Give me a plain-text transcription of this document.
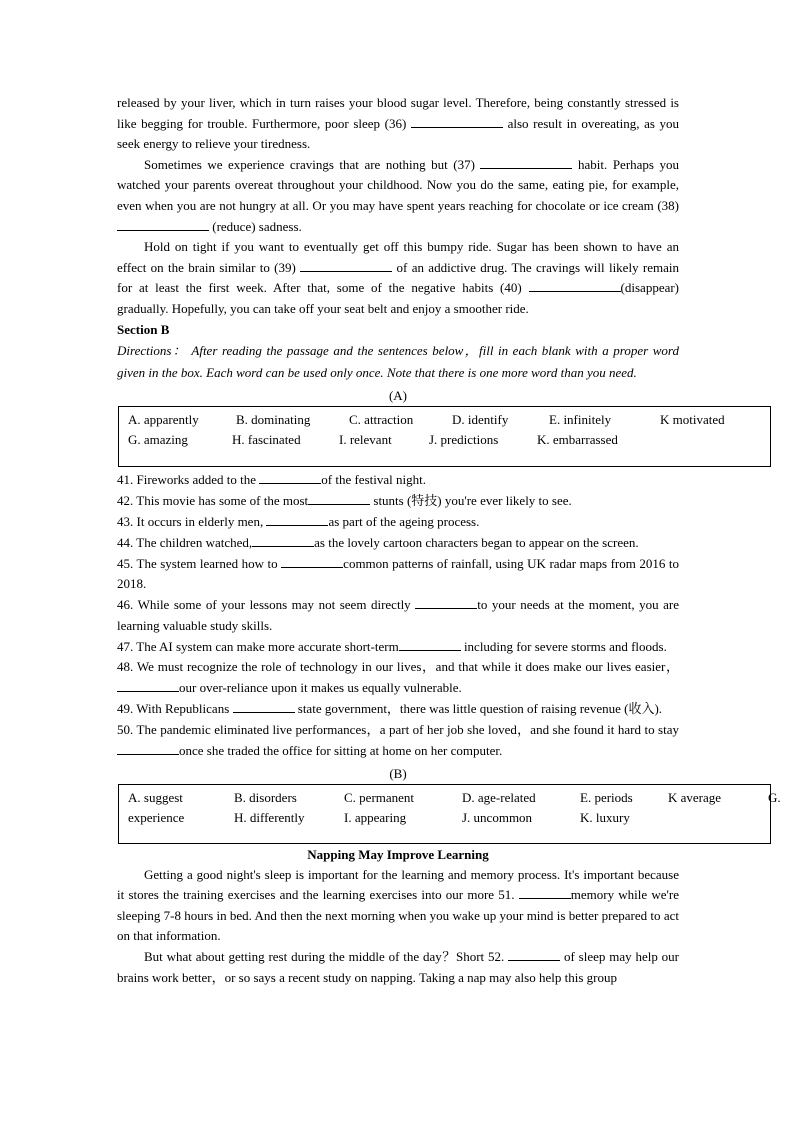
released by your liver, which in turn raises your blood sugar level. Therefore, being constantly stressed is like begging for trouble. Furthermore, poor sleep (36)	also result in overeating, as you seek energy to relieve your tiredness.

Sometimes we experience cravings that are nothing but (37)	habit. Perhaps you watched your parents overeat throughout your childhood. Now you do the same, eating pie, for example, even when you are not hungry at all. Or you may have spent years reaching for chocolate or ice cream (38)  (reduce) sadness.

Hold on tight if you want to eventually get off this bumpy ride. Sugar has been shown to have an effect on the brain similar to (39)	of an addictive drug. The cravings will likely remain for at least the first week. After that, some of the negative habits (40)	(disappear) gradually. Hopefully, you can take off your seat belt and enjoy a smoother ride.

Section B

Directions： After reading the passage and the sentences below，fill in each blank with a proper word given in the box. Each word can be used only once. Note that there is one more word than you need.

(A)

A. apparently	B. dominating	C. attraction	D. identify	E. infinitely	K motivated
G. amazing	H. fascinated	I. relevant	J. predictions	K. embarrassed

41. Fireworks added to the	of the festival night.

42. This movie has some of the most	stunts (特技) you're ever likely to see.

43. It occurs in elderly men,	as part of the ageing process.

44. The children watched,	as the lovely cartoon characters began to appear on the screen.

45. The system learned how to	common patterns of rainfall, using UK radar maps from 2016 to 2018.

46. While some of your lessons may not seem directly	to your needs at the moment, you are learning valuable study skills.

47. The AI system can make more accurate short-term	including for severe storms and floods.

48. We must recognize the role of technology in our lives，and that while it does make our lives easier， our over-reliance upon it makes us equally vulnerable.

49. With Republicans	state government，there was little question of raising revenue (收入).

50. The pandemic eliminated live performances，a part of her job she loved，and she found it hard to stay once she traded the office for sitting at home on her computer.

(B)

A. suggest	B. disorders	C. permanent	D. age-related	E. periods	K average	G.
experience	H. differently	I. appearing	J. uncommon	K. luxury

Napping May Improve Learning

Getting a good night's sleep is important for the learning and memory process. It's important because it stores the training exercises and the learning exercises into our more 51.	memory while we're sleeping 7-8 hours in bed. And then the next morning when you wake up your mind is better prepared to act on that information.

But what about getting rest during the middle of the day？Short 52.	of sleep may help our brains work better，or so says a recent study on napping. Taking a nap may also help this group
